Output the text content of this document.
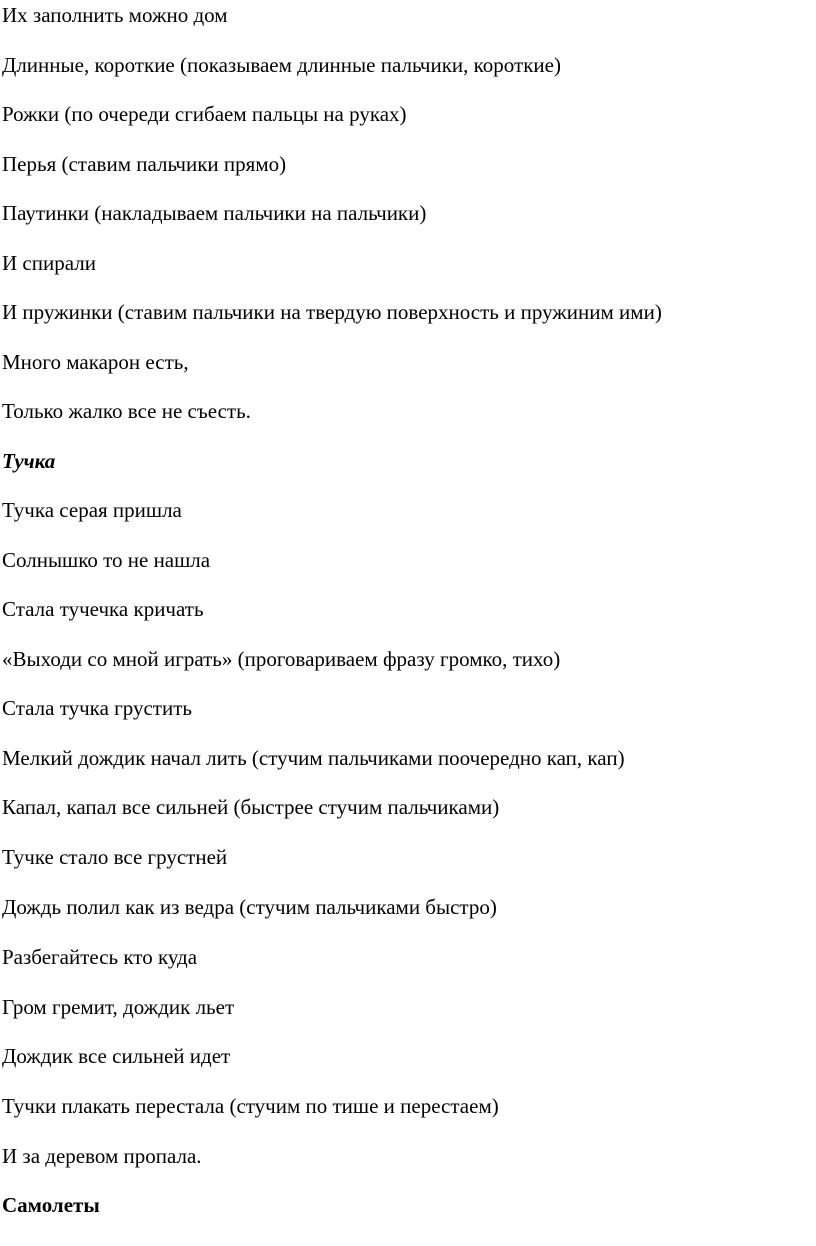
Их заполнить можно дом
Длинные, короткие (показываем длинные пальчики, короткие)
Рожки (по очереди сгибаем пальцы на руках)
Перья (ставим пальчики прямо)
Паутинки (накладываем пальчики на пальчики)
И спирали
И пружинки (ставим пальчики на твердую поверхность и пружиним ими)
Много макарон есть,
Только жалко все не съесть.
Тучка
Тучка серая пришла
Солнышко то не нашла
Стала тучечка кричать
«Выходи со мной играть» (проговариваем фразу громко, тихо)
Стала тучка грустить
Мелкий дождик начал лить (стучим пальчиками поочередно кап, кап)
Капал, капал все сильней (быстрее стучим пальчиками)
Тучке стало все грустней
Дождь полил как из ведра (стучим пальчиками быстро)
Разбегайтесь кто куда
Гром гремит, дождик льет
Дождик все сильней идет
Тучки плакать перестала (стучим по тише и перестаем)
И за деревом пропала.
Самолеты
